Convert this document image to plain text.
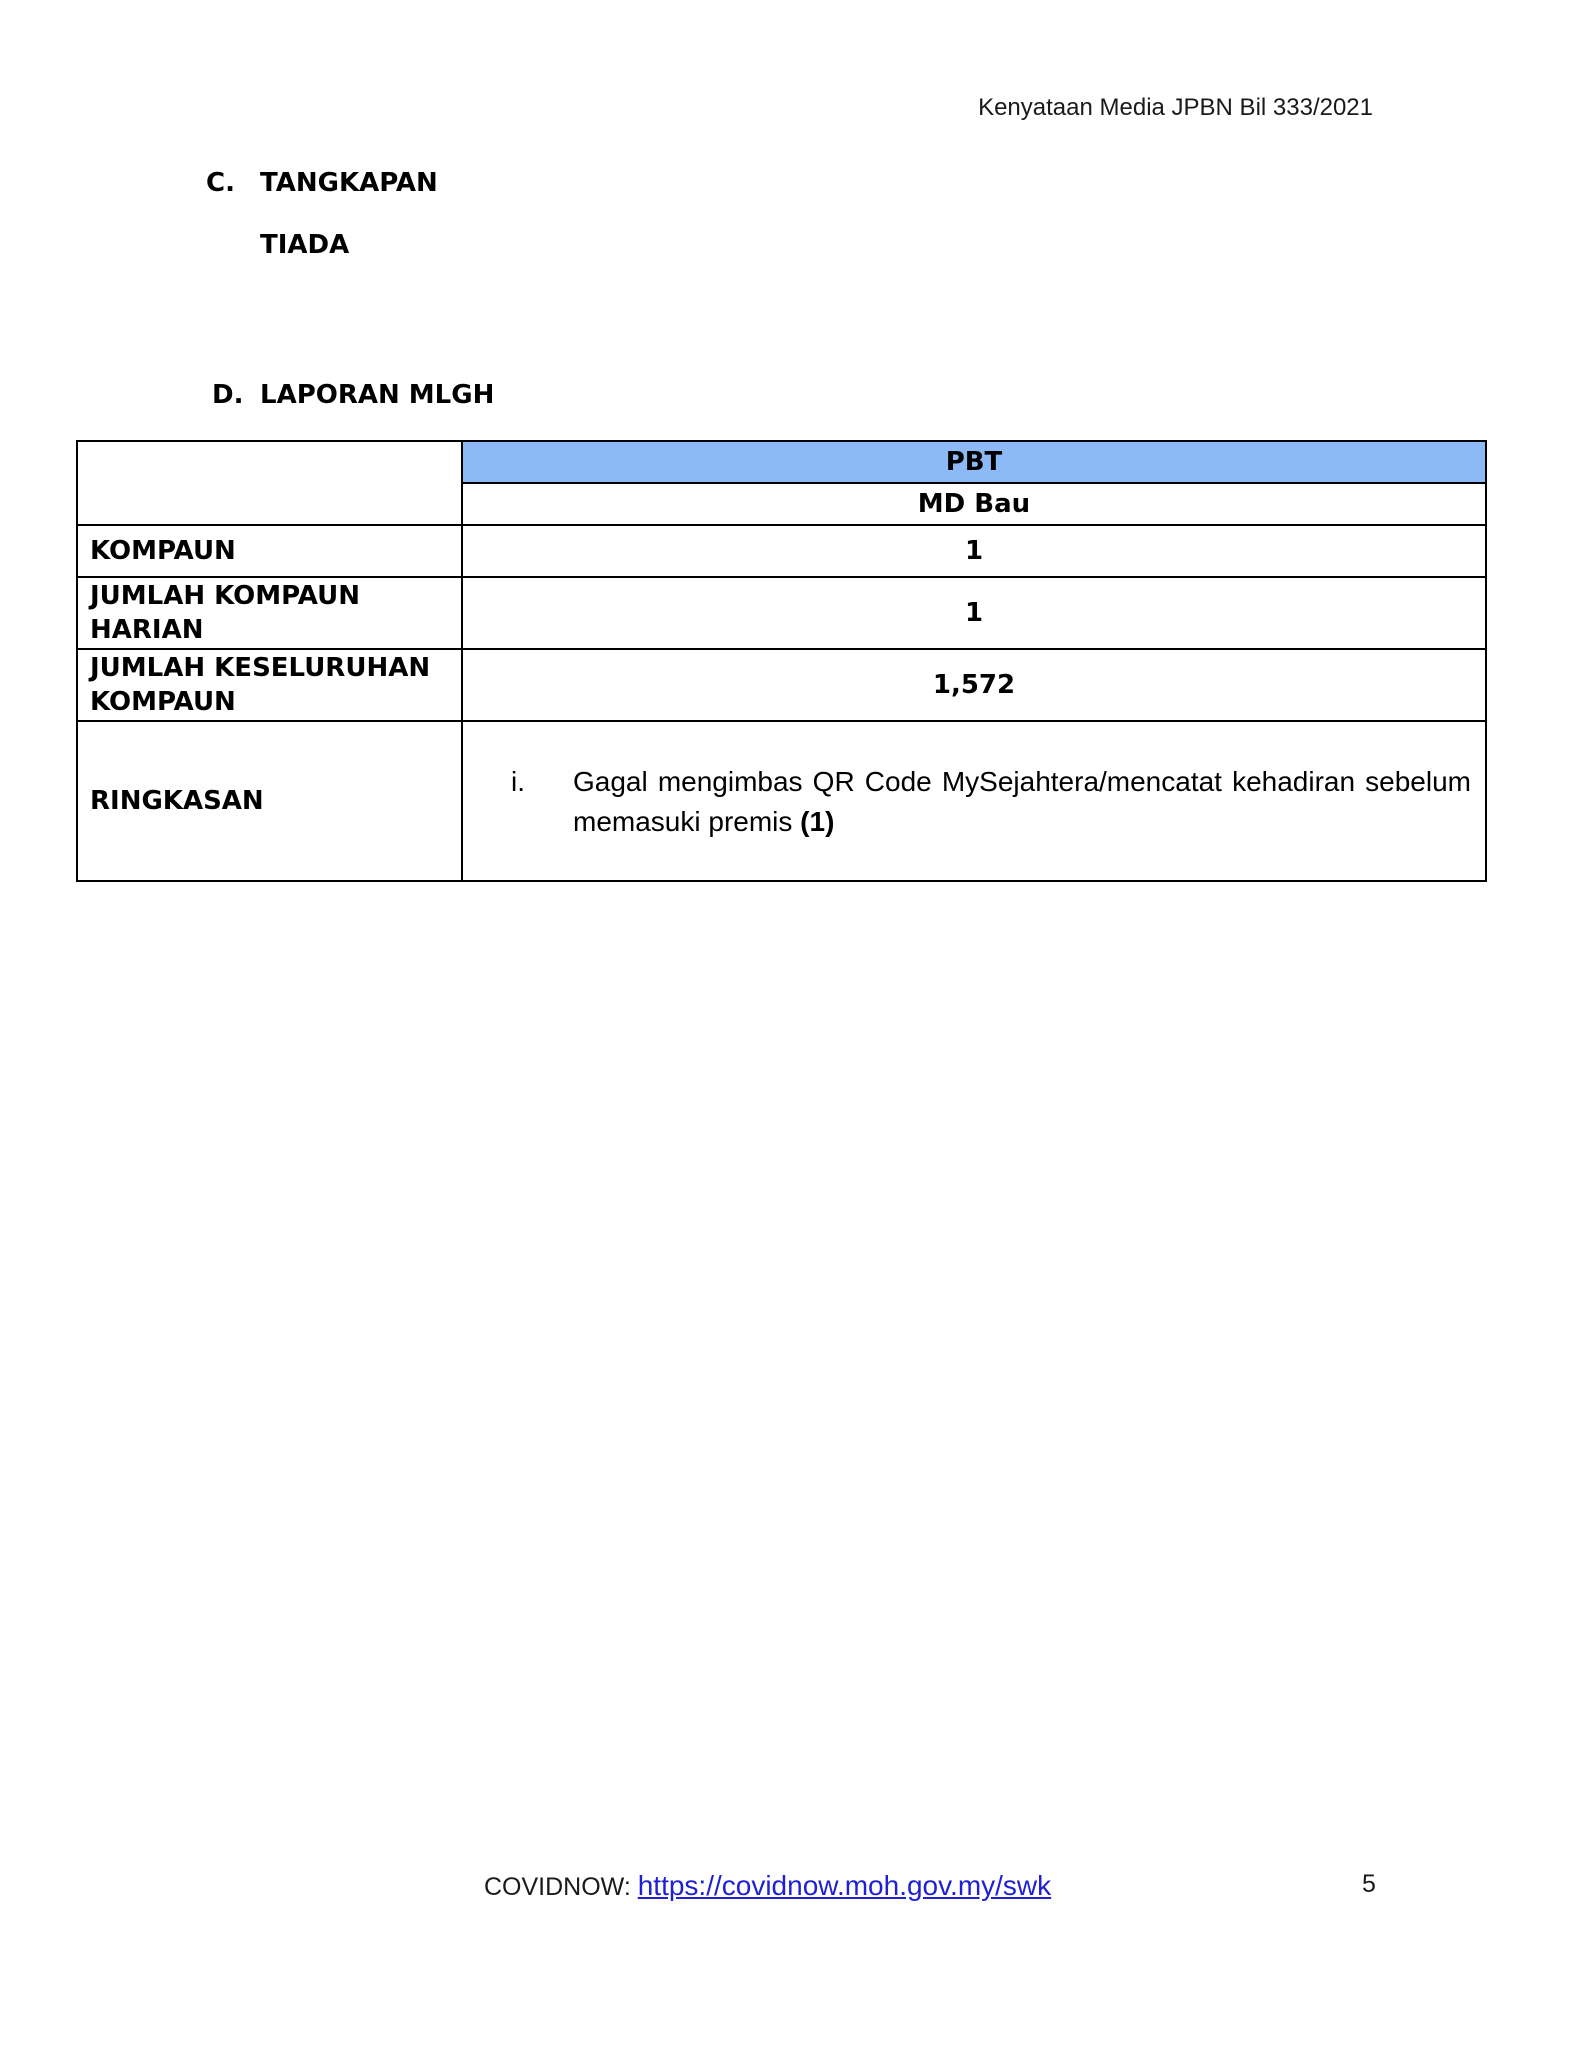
Kenyataan Media JPBN Bil 333/2021
C. TANGKAPAN
TIADA
D. LAPORAN MLGH
	PBT
	MD Bau
KOMPAUN	1
JUMLAH KOMPAUN HARIAN	1
JUMLAH KESELURUHAN KOMPAUN	1,572
RINGKASAN	i. Gagal mengimbas QR Code MySejahtera/mencatat kehadiran sebelum memasuki premis (1)
COVIDNOW: https://covidnow.moh.gov.my/swk	5
